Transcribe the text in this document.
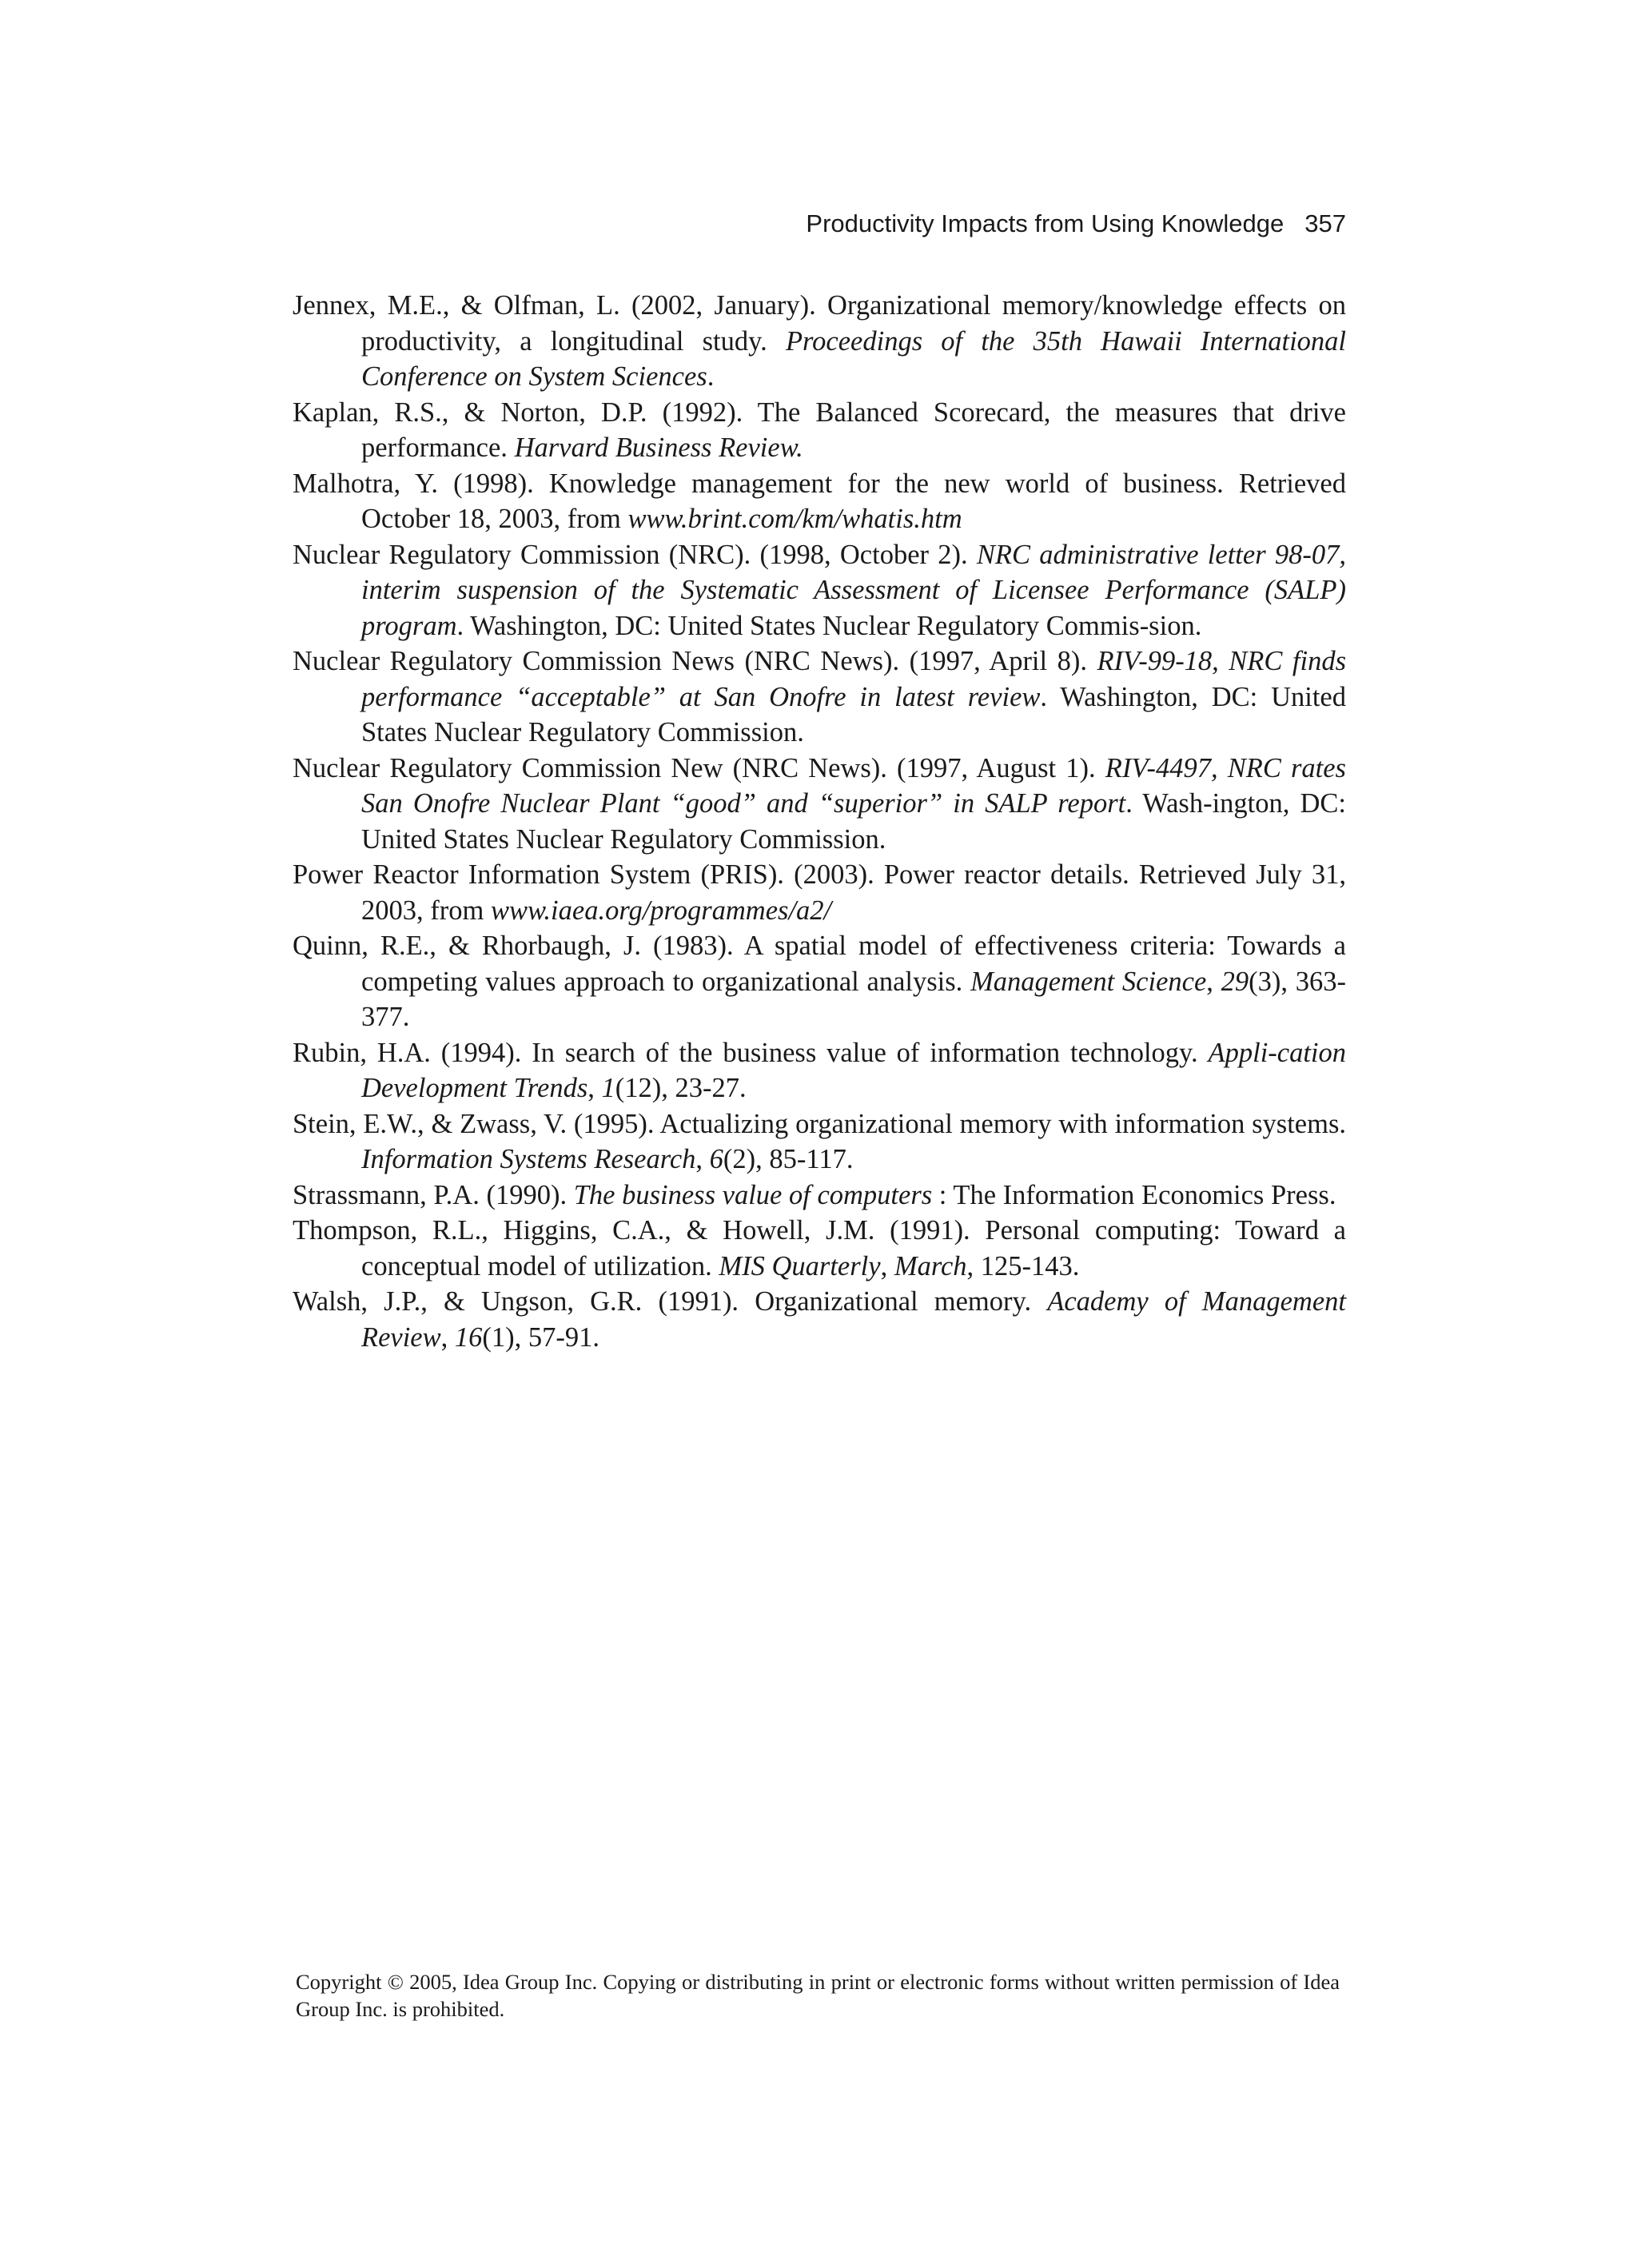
Productivity Impacts from Using Knowledge 357
Jennex, M.E., & Olfman, L. (2002, January). Organizational memory/knowledge effects on productivity, a longitudinal study. Proceedings of the 35th Hawaii International Conference on System Sciences.
Kaplan, R.S., & Norton, D.P. (1992). The Balanced Scorecard, the measures that drive performance. Harvard Business Review.
Malhotra, Y. (1998). Knowledge management for the new world of business. Retrieved October 18, 2003, from www.brint.com/km/whatis.htm
Nuclear Regulatory Commission (NRC). (1998, October 2). NRC administrative letter 98-07, interim suspension of the Systematic Assessment of Licensee Performance (SALP) program. Washington, DC: United States Nuclear Regulatory Commis-sion.
Nuclear Regulatory Commission News (NRC News). (1997, April 8). RIV-99-18, NRC finds performance “acceptable” at San Onofre in latest review. Washington, DC: United States Nuclear Regulatory Commission.
Nuclear Regulatory Commission New (NRC News). (1997, August 1). RIV-4497, NRC rates San Onofre Nuclear Plant “good” and “superior” in SALP report. Wash-ington, DC: United States Nuclear Regulatory Commission.
Power Reactor Information System (PRIS). (2003). Power reactor details. Retrieved July 31, 2003, from www.iaea.org/programmes/a2/
Quinn, R.E., & Rhorbaugh, J. (1983). A spatial model of effectiveness criteria: Towards a competing values approach to organizational analysis. Management Science, 29(3), 363-377.
Rubin, H.A. (1994). In search of the business value of information technology. Appli-cation Development Trends, 1(12), 23-27.
Stein, E.W., & Zwass, V. (1995). Actualizing organizational memory with information systems. Information Systems Research, 6(2), 85-117.
Strassmann, P.A. (1990). The business value of computers : The Information Economics Press.
Thompson, R.L., Higgins, C.A., & Howell, J.M. (1991). Personal computing: Toward a conceptual model of utilization. MIS Quarterly, March, 125-143.
Walsh, J.P., & Ungson, G.R. (1991). Organizational memory. Academy of Management Review, 16(1), 57-91.
Copyright © 2005, Idea Group Inc. Copying or distributing in print or electronic forms without written permission of Idea Group Inc. is prohibited.
